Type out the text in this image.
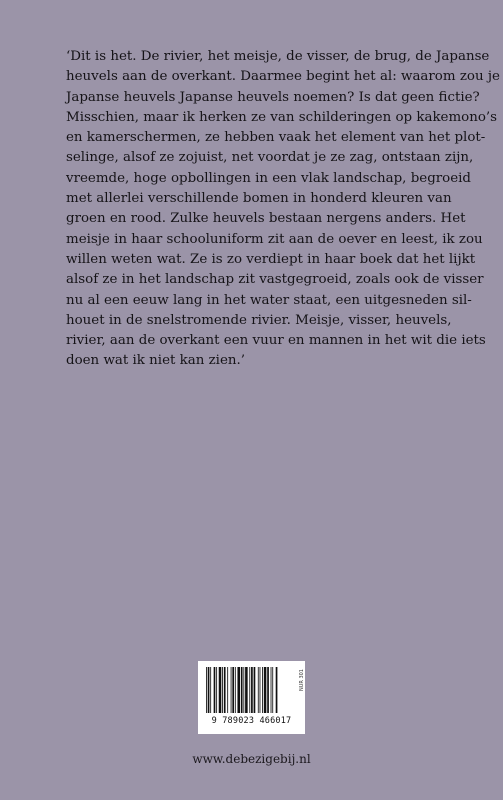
‘Dit is het. De rivier, het meisje, de visser, de brug, de Japanse
heuvels aan de overkant. Daarmee begint het al: waarom zou je
Japanse heuvels Japanse heuvels noemen? Is dat geen fictie?
Misschien, maar ik herken ze van schilderingen op kakemono’s
en kamerschermen, ze hebben vaak het element van het plot-
selinge, alsof ze zojuist, net voordat je ze zag, ontstaan zijn,
vreemde, hoge opbollingen in een vlak landschap, begroeid
met allerlei verschillende bomen in honderd kleuren van
groen en rood. Zulke heuvels bestaan nergens anders. Het
meisje in haar schooluniform zit aan de oever en leest, ik zou
willen weten wat. Ze is zo verdiept in haar boek dat het lijkt
alsof ze in het landschap zit vastgegroeid, zoals ook de visser
nu al een eeuw lang in het water staat, een uitgesneden sil-
houet in de snelstromende rivier. Meisje, visser, heuvels,
rivier, aan de overkant een vuur en mannen in het wit die iets
doen wat ik niet kan zien.’
9 789023 466017
NUR 301
www.debezigebij.nl
